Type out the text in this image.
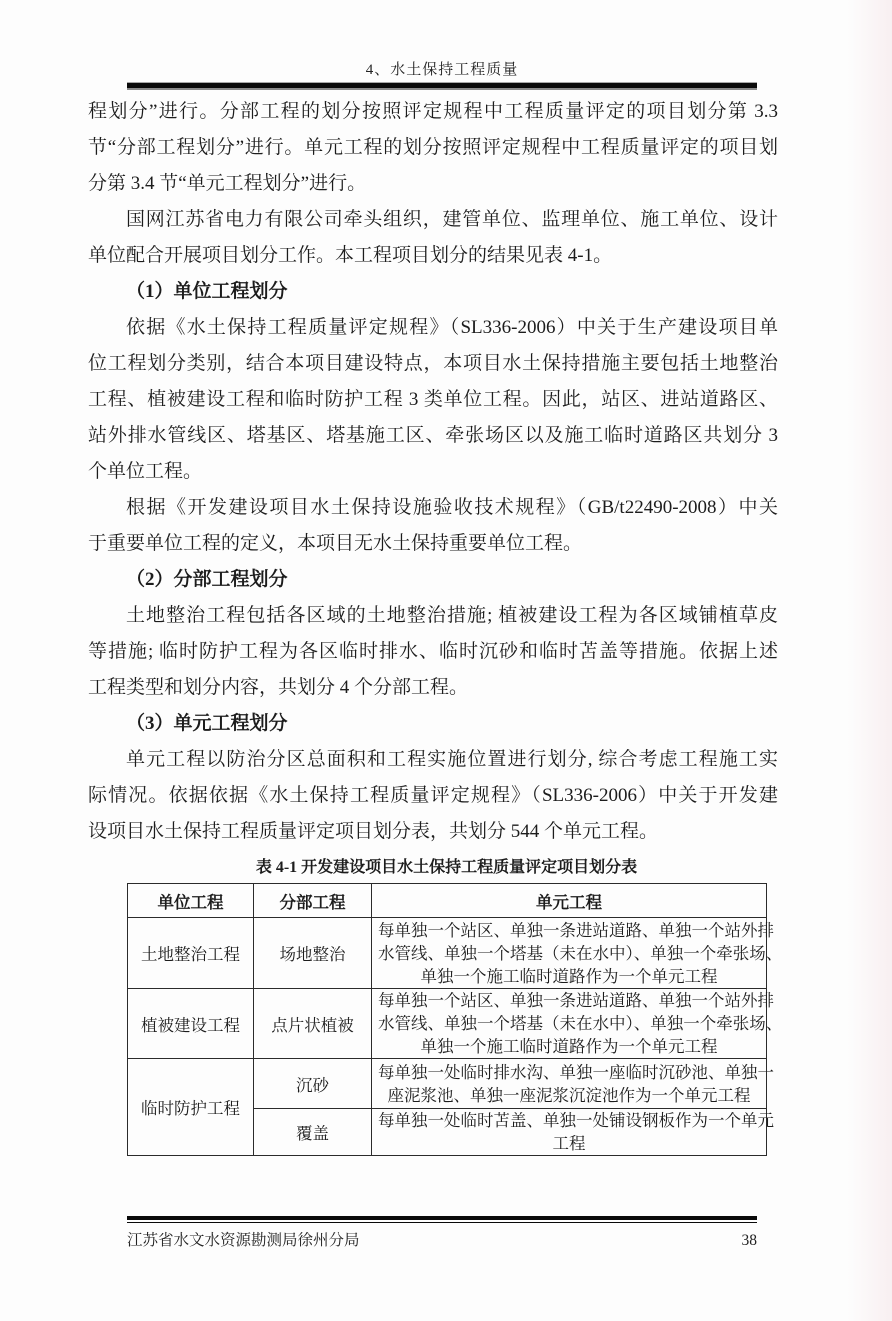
4、水土保持工程质量
程划分”进行。分部工程的划分按照评定规程中工程质量评定的项目划分第 3.3
节“分部工程划分”进行。单元工程的划分按照评定规程中工程质量评定的项目划
分第 3.4 节“单元工程划分”进行。
国网江苏省电力有限公司牵头组织，建管单位、监理单位、施工单位、设计
单位配合开展项目划分工作。本工程项目划分的结果见表 4-1。
（1）单位工程划分
依据《水土保持工程质量评定规程》（SL336-2006）中关于生产建设项目单
位工程划分类别，结合本项目建设特点，本项目水土保持措施主要包括土地整治
工程、植被建设工程和临时防护工程 3 类单位工程。因此，站区、进站道路区、
站外排水管线区、塔基区、塔基施工区、牵张场区以及施工临时道路区共划分 3
个单位工程。
根据《开发建设项目水土保持设施验收技术规程》（GB/t22490-2008）中关
于重要单位工程的定义，本项目无水土保持重要单位工程。
（2）分部工程划分
土地整治工程包括各区域的土地整治措施; 植被建设工程为各区域铺植草皮
等措施; 临时防护工程为各区临时排水、临时沉砂和临时苫盖等措施。依据上述
工程类型和划分内容，共划分 4 个分部工程。
（3）单元工程划分
单元工程以防治分区总面积和工程实施位置进行划分, 综合考虑工程施工实
际情况。依据依据《水土保持工程质量评定规程》（SL336-2006）中关于开发建
设项目水土保持工程质量评定项目划分表，共划分 544 个单元工程。
表 4-1 开发建设项目水土保持工程质量评定项目划分表
单位工程	分部工程	单元工程
土地整治工程	场地整治	每单独一个站区、单独一条进站道路、单独一个站外排
水管线、单独一个塔基（未在水中）、单独一个牵张场、
单独一个施工临时道路作为一个单元工程

植被建设工程	点片状植被	每单独一个站区、单独一条进站道路、单独一个站外排
水管线、单独一个塔基（未在水中）、单独一个牵张场、
单独一个施工临时道路作为一个单元工程

临时防护工程	沉砂	每单独一处临时排水沟、单独一座临时沉砂池、单独一
座泥浆池、单独一座泥浆沉淀池作为一个单元工程

	覆盖	每单独一处临时苫盖、单独一处铺设钢板作为一个单元
工程
江苏省水文水资源勘测局徐州分局	38
